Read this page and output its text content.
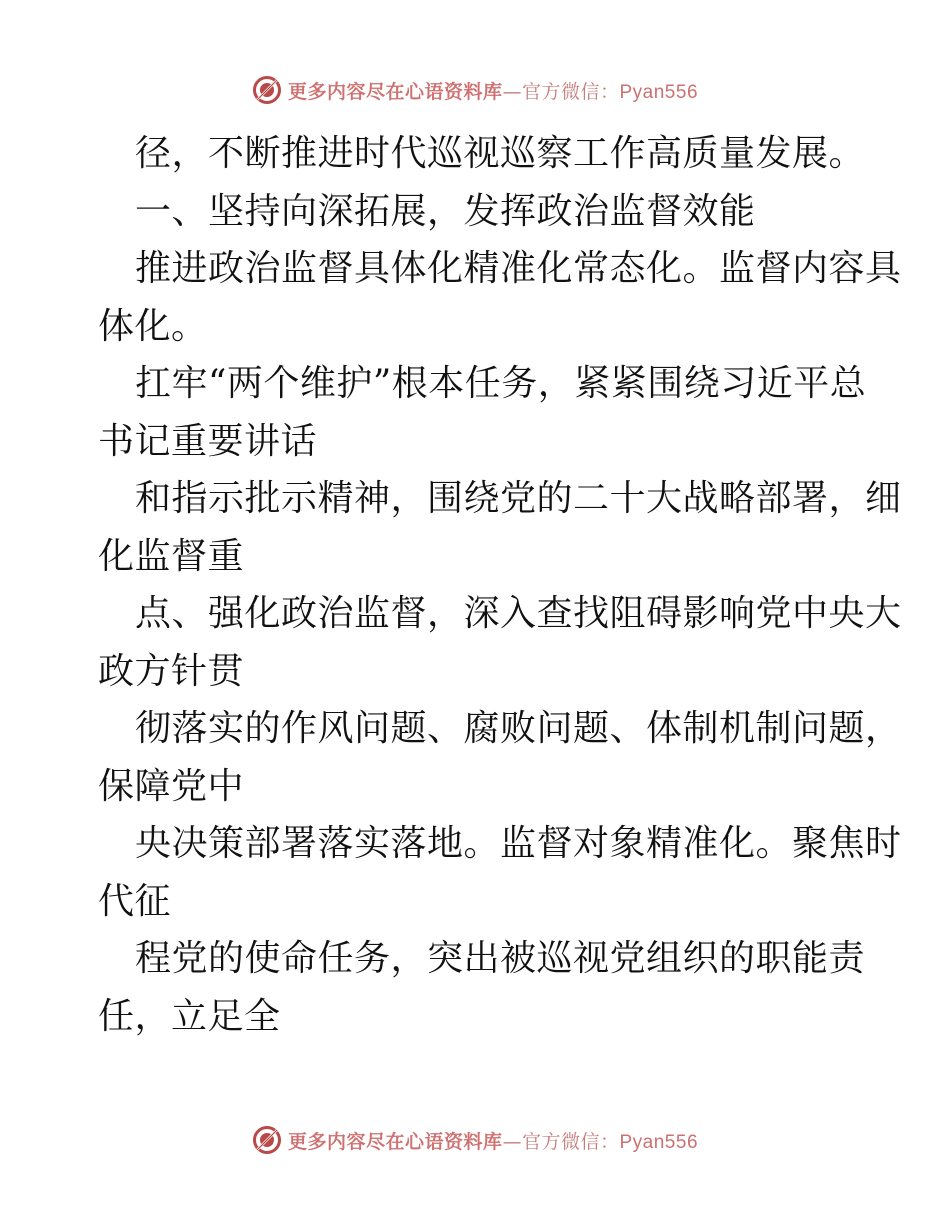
更多内容尽在心语资料库—官方微信：Pyan556
径，不断推进时代巡视巡察工作高质量发展。
一、坚持向深拓展，发挥政治监督效能
推进政治监督具体化精准化常态化。监督内容具
体化。
扛牢“两个维护”根本任务，紧紧围绕习近平总
书记重要讲话
和指示批示精神，围绕党的二十大战略部署，细
化监督重
点、强化政治监督，深入查找阻碍影响党中央大
政方针贯
彻落实的作风问题、腐败问题、体制机制问题，
保障党中
央决策部署落实落地。监督对象精准化。聚焦时
代征
程党的使命任务，突出被巡视党组织的职能责
任，立足全
更多内容尽在心语资料库—官方微信：Pyan556
